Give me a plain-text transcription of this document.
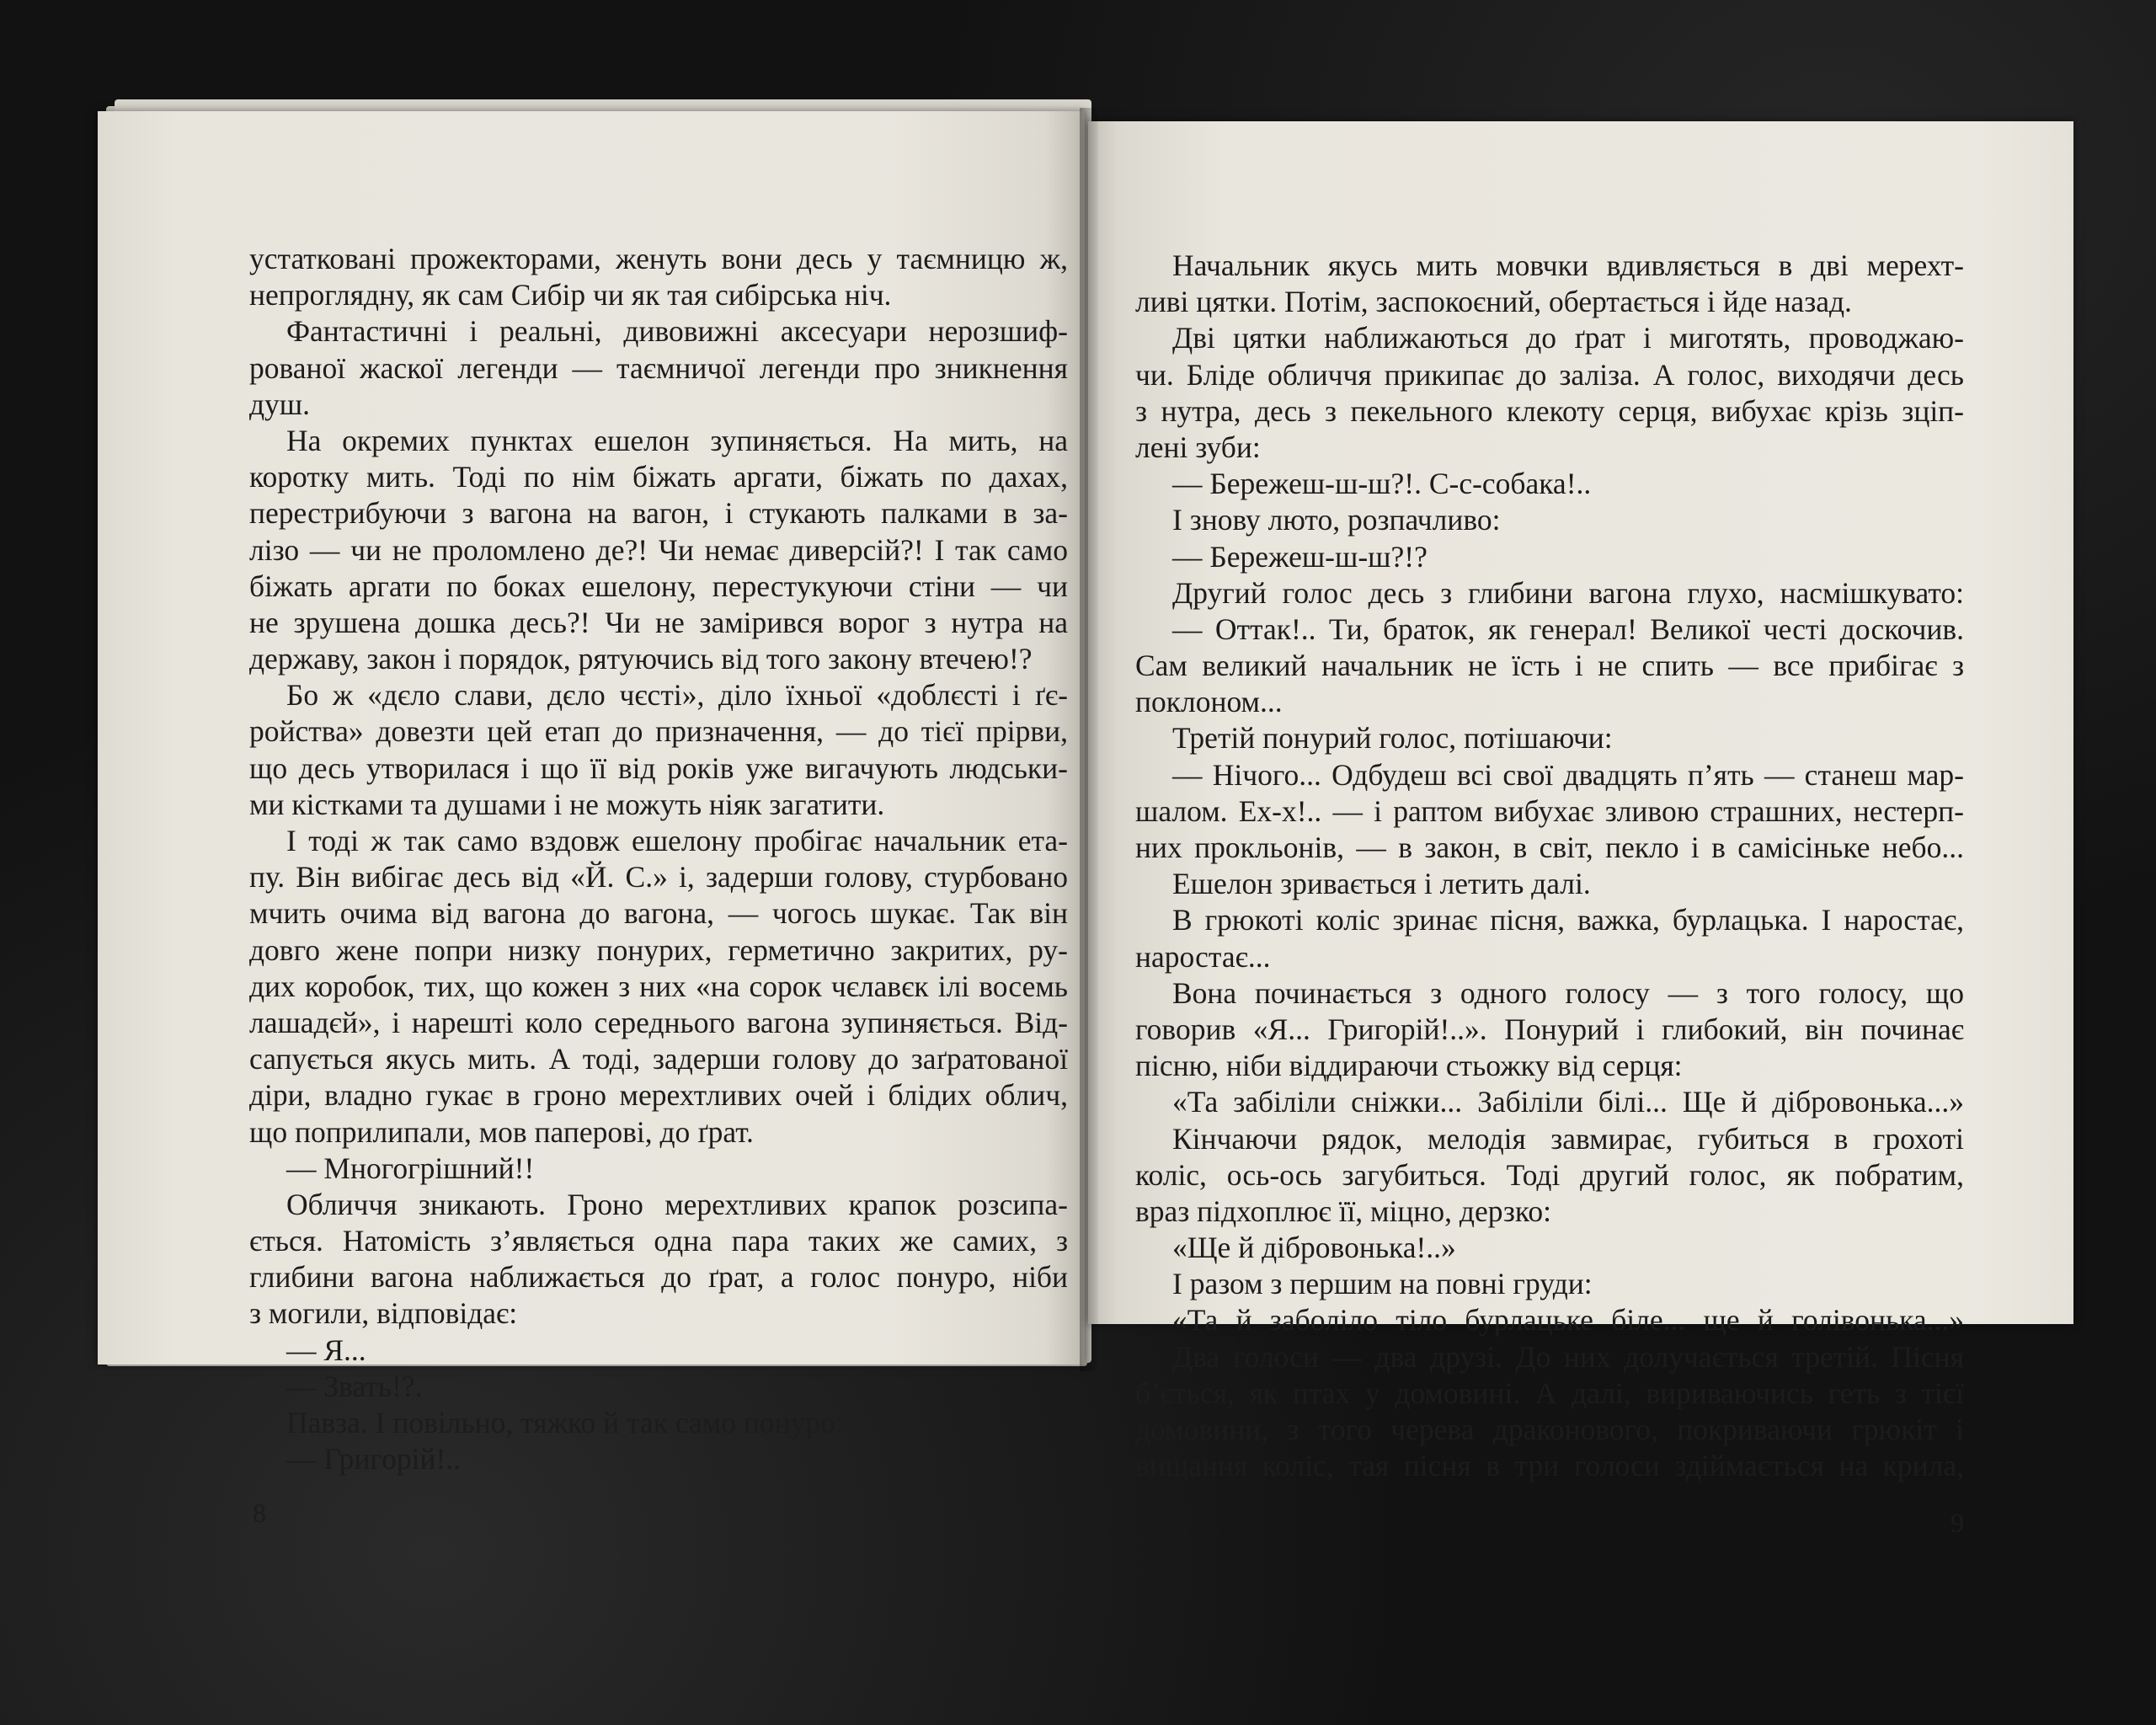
устатковані прожекторами, женуть вони десь у таємницю ж,
непроглядну, як сам Сибір чи як тая сибірська ніч.
Фантастичні і реальні, дивовижні аксесуари нерозшиф-
рованої жаскої легенди — таємничої легенди про зникнення
душ.
На окремих пунктах ешелон зупиняється. На мить, на
коротку мить. Тоді по нім біжать аргати, біжать по дахах,
перестрибуючи з вагона на вагон, і стукають палками в за-
лізо — чи не проломлено де?! Чи немає диверсій?! І так само
біжать аргати по боках ешелону, перестукуючи стіни — чи
не зрушена дошка десь?! Чи не замірився ворог з нутра на
державу, закон і порядок, рятуючись від того закону втечею!?
Бо ж «дєло слави, дєло чєсті», діло їхньої «доблєсті і ґє-
ройства» довезти цей етап до призначення, — до тієї прірви,
що десь утворилася і що її від років уже вигачують людськи-
ми кістками та душами і не можуть ніяк загатити.
І тоді ж так само вздовж ешелону пробігає начальник ета-
пу. Він вибігає десь від «Й. С.» і, задерши голову, стурбовано
мчить очима від вагона до вагона, — чогось шукає. Так він
довго жене попри низку понурих, герметично закритих, ру-
дих коробок, тих, що кожен з них «на сорок чєлавєк ілі восемь
лашадєй», і нарешті коло середнього вагона зупиняється. Від-
сапується якусь мить. А тоді, задерши голову до заґратованої
діри, владно гукає в гроно мерехтливих очей і блідих облич,
що поприлипали, мов паперові, до ґрат.
— Многогрішний!!
Обличчя зникають. Гроно мерехтливих крапок розсипа-
ється. Натомість з’являється одна пара таких же самих, з
глибини вагона наближається до ґрат, а голос понуро, ніби
з могили, відповідає:
— Я...
— Звать!?.
Павза. І повільно, тяжко й так само понуро:
— Григорій!..
8
Начальник якусь мить мовчки вдивляється в дві мерехт-
ливі цятки. Потім, заспокоєний, обертається і йде назад.
Дві цятки наближаються до ґрат і миготять, проводжаю-
чи. Бліде обличчя прикипає до заліза. А голос, виходячи десь
з нутра, десь з пекельного клекоту серця, вибухає крізь зціп-
лені зуби:
— Бережеш-ш-ш?!. С-с-собака!..
І знову люто, розпачливо:
— Бережеш-ш-ш?!?
Другий голос десь з глибини вагона глухо, насмішкувато:
— Оттак!.. Ти, браток, як генерал! Великої честі доскочив.
Сам великий начальник не їсть і не спить — все прибігає з
поклоном...
Третій понурий голос, потішаючи:
— Нічого... Одбудеш всі свої двадцять п’ять — станеш мар-
шалом. Ех-х!.. — і раптом вибухає зливою страшних, нестерп-
них прокльонів, — в закон, в світ, пекло і в самісіньке небо...
Ешелон зривається і летить далі.
В грюкоті коліс зринає пісня, важка, бурлацька. І наростає,
наростає...
Вона починається з одного голосу — з того голосу, що
говорив «Я... Григорій!..». Понурий і глибокий, він починає
пісню, ніби віддираючи стьожку від серця:
«Та забіліли сніжки... Забіліли білі... Ще й дібровонька...»
Кінчаючи рядок, мелодія завмирає, губиться в грохоті
коліс, ось-ось загубиться. Тоді другий голос, як побратим,
враз підхоплює її, міцно, дерзко:
«Ще й дібровонька!..»
І разом з першим на повні груди:
«Та й заболіло тіло бурлацьке біле... ще й голівонька...»
Два голоси — два друзі. До них долучається третій. Пісня
б’ється, як птах у домовині. А далі, вириваючись геть з тієї
домовини, з того черева драконового, покриваючи грюкіт і
вищання коліс, тая пісня в три голоси здіймається на крила,
9
